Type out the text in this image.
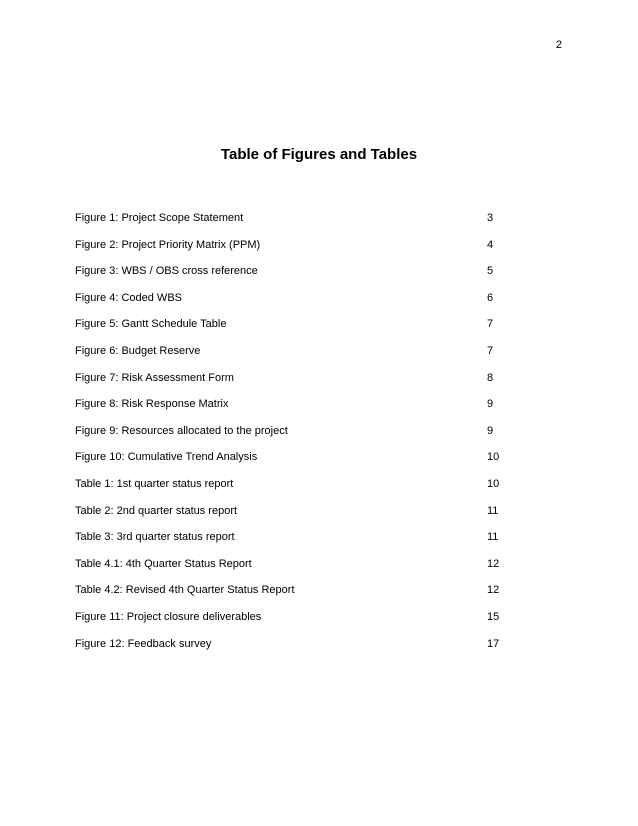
2
Table of Figures and Tables
Figure 1: Project Scope Statement	3
Figure 2: Project Priority Matrix (PPM)	4
Figure 3: WBS / OBS cross reference	5
Figure 4: Coded WBS	6
Figure 5: Gantt Schedule Table	7
Figure 6: Budget Reserve	7
Figure 7: Risk Assessment Form	8
Figure 8: Risk Response Matrix	9
Figure 9: Resources allocated to the project	9
Figure 10: Cumulative Trend Analysis	10
Table 1: 1st quarter status report	10
Table 2: 2nd quarter status report	11
Table 3: 3rd quarter status report	11
Table 4.1: 4th Quarter Status Report	12
Table 4.2: Revised 4th Quarter Status Report	12
Figure 11: Project closure deliverables	15
Figure 12: Feedback survey	17
